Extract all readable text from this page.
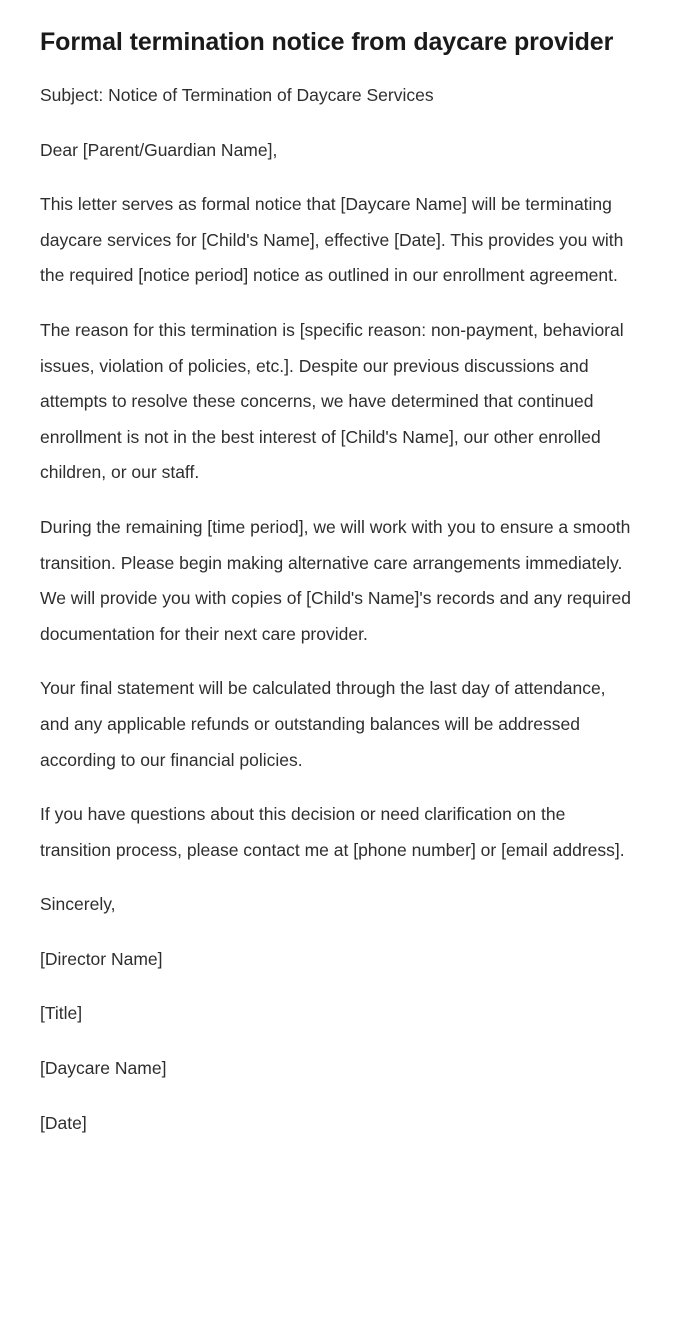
Formal termination notice from daycare provider

Subject: Notice of Termination of Daycare Services

Dear [Parent/Guardian Name],

This letter serves as formal notice that [Daycare Name] will be terminating daycare services for [Child's Name], effective [Date]. This provides you with the required [notice period] notice as outlined in our enrollment agreement.

The reason for this termination is [specific reason: non-payment, behavioral issues, violation of policies, etc.]. Despite our previous discussions and attempts to resolve these concerns, we have determined that continued enrollment is not in the best interest of [Child's Name], our other enrolled children, or our staff.

During the remaining [time period], we will work with you to ensure a smooth transition. Please begin making alternative care arrangements immediately. We will provide you with copies of [Child's Name]'s records and any required documentation for their next care provider.

Your final statement will be calculated through the last day of attendance, and any applicable refunds or outstanding balances will be addressed according to our financial policies.

If you have questions about this decision or need clarification on the transition process, please contact me at [phone number] or [email address].

Sincerely,

[Director Name]

[Title]

[Daycare Name]

[Date]
